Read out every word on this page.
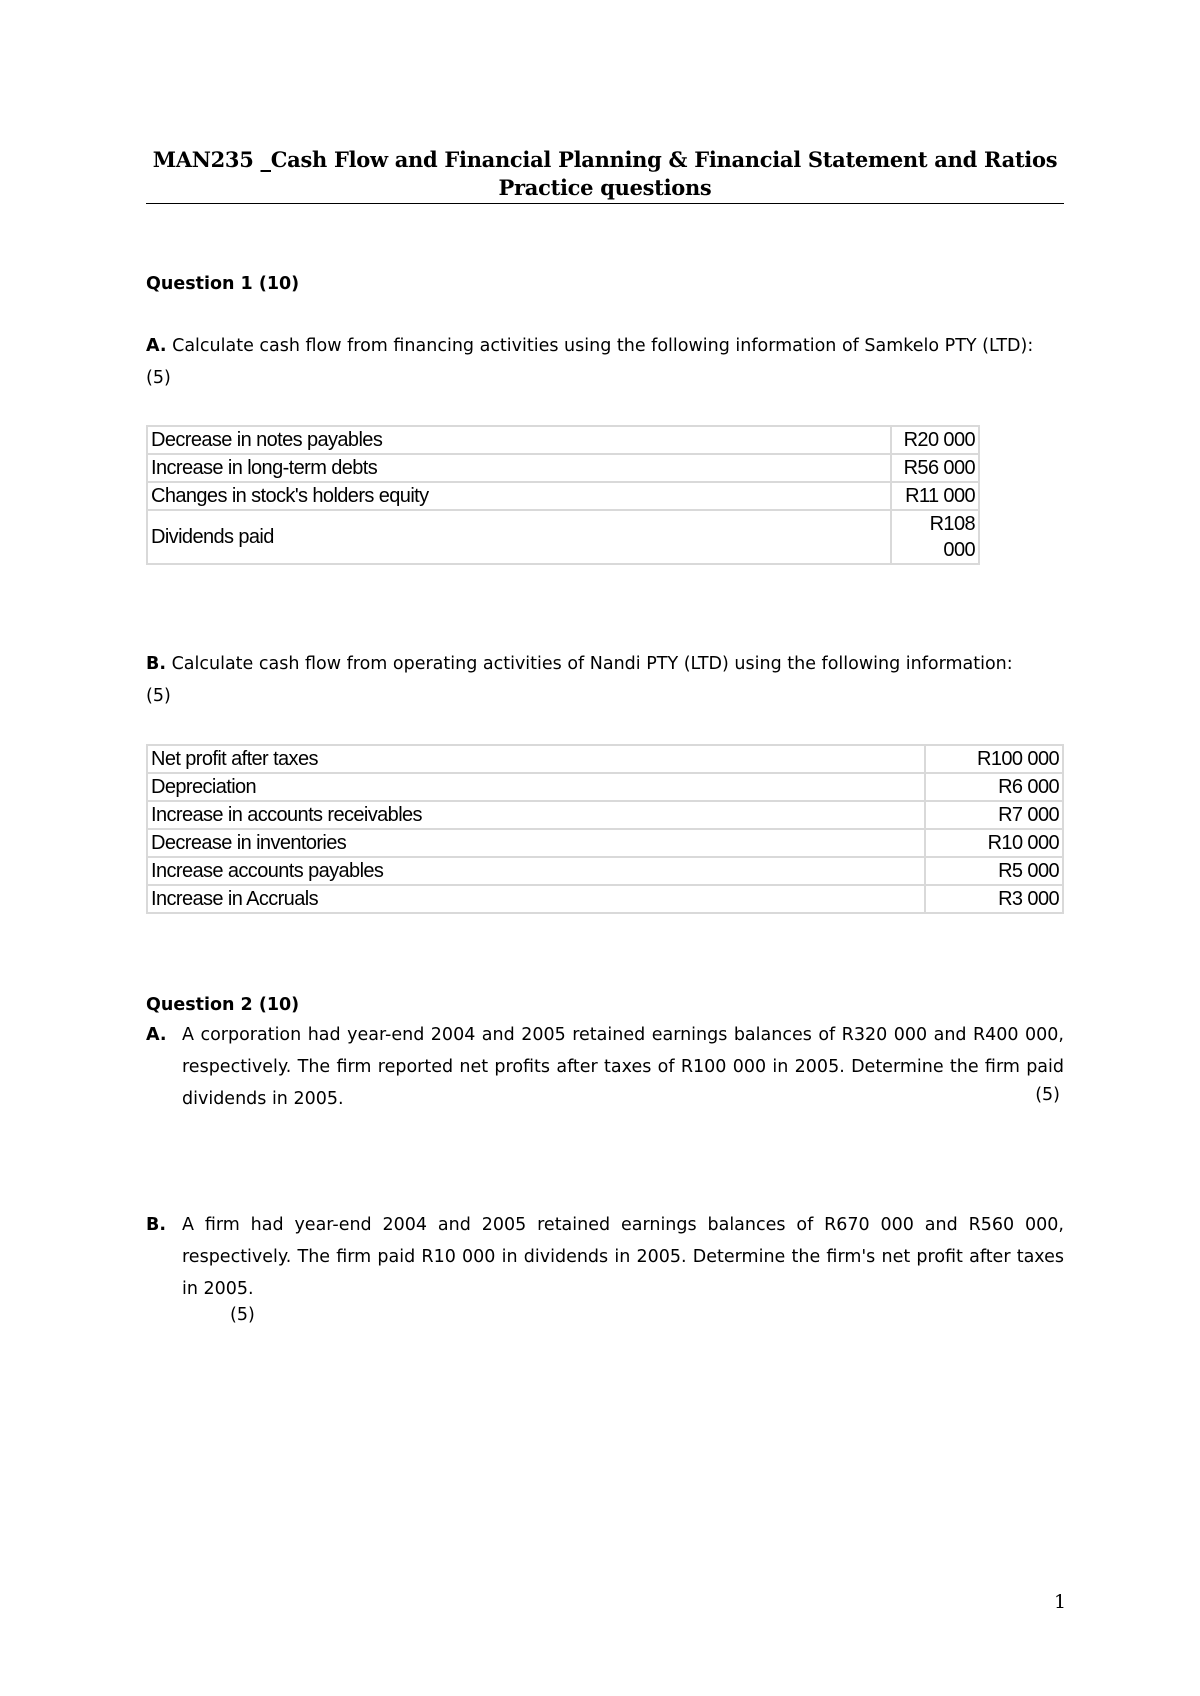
MAN235 _Cash Flow and Financial Planning & Financial Statement and Ratios
Practice questions
Question 1 (10)
A. Calculate cash flow from financing activities using the following information of Samkelo PTY (LTD):
(5)
Decrease in notes payables	R20 000
Increase in long-term debts	R56 000
Changes in stock's holders equity	R11 000
Dividends paid	R108 000
B. Calculate cash flow from operating activities of Nandi PTY (LTD) using the following information:
(5)
Net profit after taxes	R100 000
Depreciation	R6 000
Increase in accounts receivables	R7 000
Decrease in inventories	R10 000
Increase accounts payables	R5 000
Increase in Accruals	R3 000
Question 2 (10)
A. A corporation had year-end 2004 and 2005 retained earnings balances of R320 000 and R400 000, respectively. The firm reported net profits after taxes of R100 000 in 2005. Determine the firm paid dividends in 2005.	(5)
B. A firm had year-end 2004 and 2005 retained earnings balances of R670 000 and R560 000, respectively. The firm paid R10 000 in dividends in 2005. Determine the firm's net profit after taxes in 2005.
(5)
1
